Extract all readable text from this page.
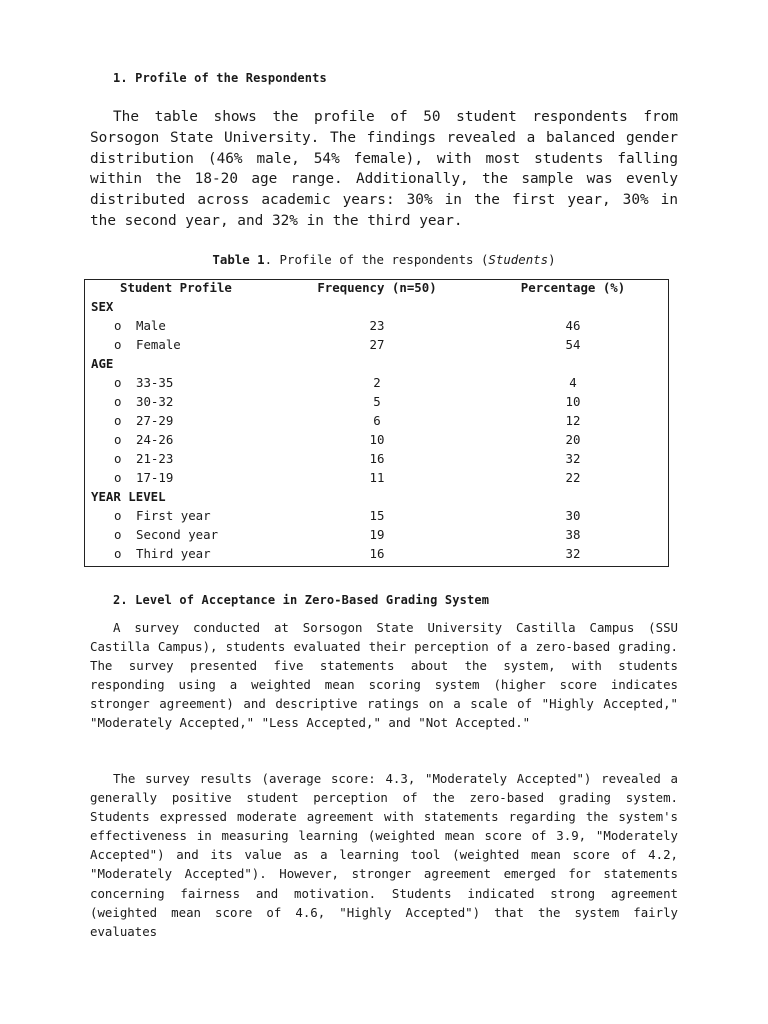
1. Profile of the Respondents
The table shows the profile of 50 student respondents from Sorsogon State University. The findings revealed a balanced gender distribution (46% male, 54% female), with most students falling within the 18-20 age range. Additionally, the sample was evenly distributed across academic years: 30% in the first year, 30% in the second year, and 32% in the third year.
Table 1. Profile of the respondents (Students)
Student Profile	Frequency (n=50)	Percentage (%)
SEX
o Male	23	46
o Female	27	54
AGE
o 33-35	2	4
o 30-32	5	10
o 27-29	6	12
o 24-26	10	20
o 21-23	16	32
o 17-19	11	22
YEAR LEVEL
o First year	15	30
o Second year	19	38
o Third year	16	32
2. Level of Acceptance in Zero-Based Grading System
A survey conducted at Sorsogon State University Castilla Campus (SSU Castilla Campus), students evaluated their perception of a zero-based grading. The survey presented five statements about the system, with students responding using a weighted mean scoring system (higher score indicates stronger agreement) and descriptive ratings on a scale of "Highly Accepted," "Moderately Accepted," "Less Accepted," and "Not Accepted."
The survey results (average score: 4.3, "Moderately Accepted") revealed a generally positive student perception of the zero-based grading system. Students expressed moderate agreement with statements regarding the system's effectiveness in measuring learning (weighted mean score of 3.9, "Moderately Accepted") and its value as a learning tool (weighted mean score of 4.2, "Moderately Accepted"). However, stronger agreement emerged for statements concerning fairness and motivation. Students indicated strong agreement (weighted mean score of 4.6, "Highly Accepted") that the system fairly evaluates
